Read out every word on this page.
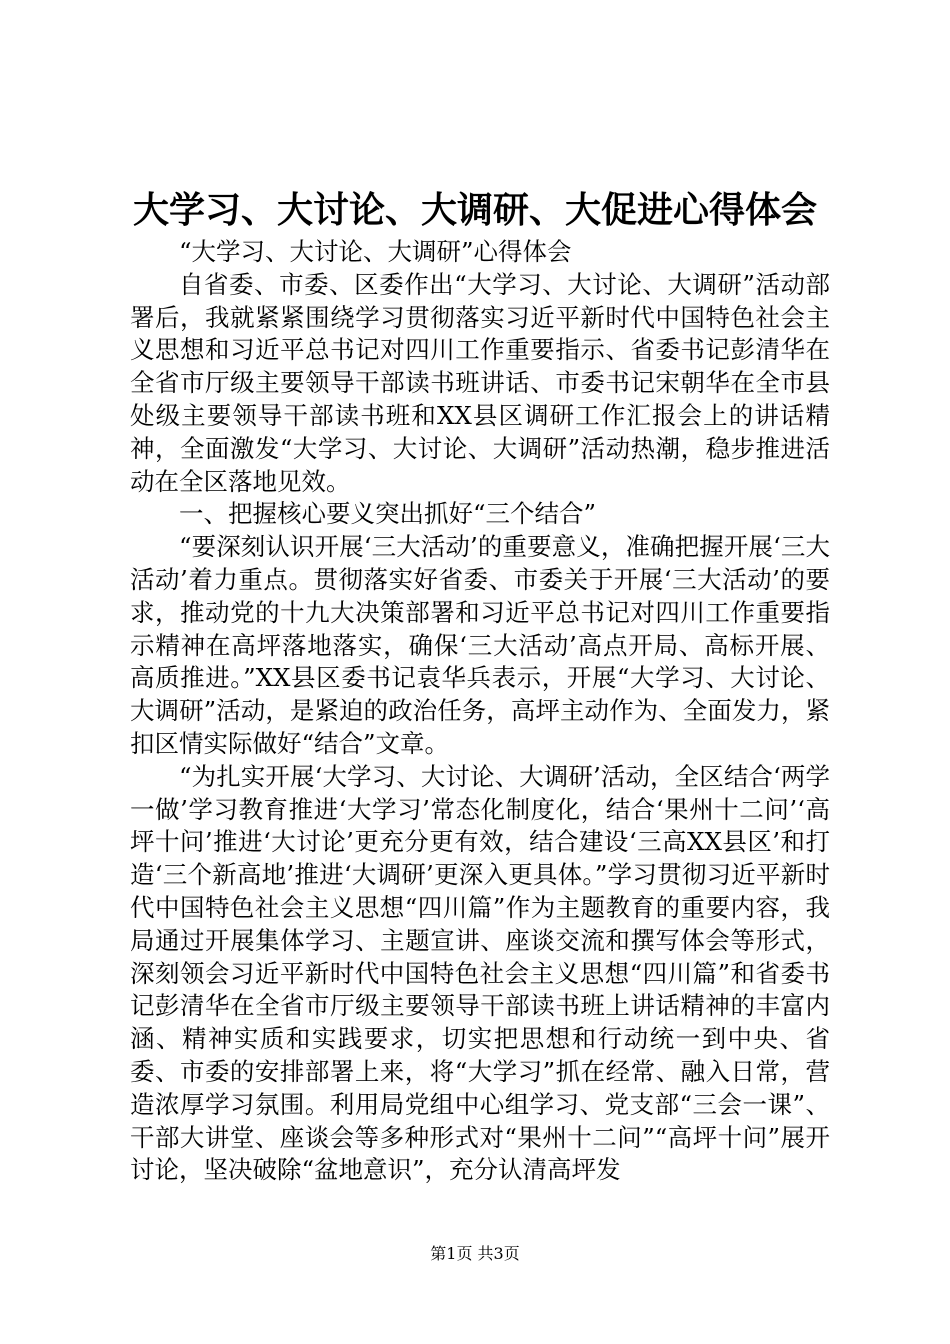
大学习、大讨论、大调研、大促进心得体会

“大学习、大讨论、大调研”心得体会

自省委、市委、区委作出“大学习、大讨论、大调研”活动部署后，我就紧紧围绕学习贯彻落实习近平新时代中国特色社会主义思想和习近平总书记对四川工作重要指示、省委书记彭清华在全省市厅级主要领导干部读书班讲话、市委书记宋朝华在全市县处级主要领导干部读书班和XX县区调研工作汇报会上的讲话精神，全面激发“大学习、大讨论、大调研”活动热潮，稳步推进活动在全区落地见效。

一、把握核心要义突出抓好“三个结合”

“要深刻认识开展‘三大活动’的重要意义，准确把握开展‘三大活动’着力重点。贯彻落实好省委、市委关于开展‘三大活动’的要求，推动党的十九大决策部署和习近平总书记对四川工作重要指示精神在高坪落地落实，确保‘三大活动’高点开局、高标开展、高质推进。”XX县区委书记袁华兵表示，开展“大学习、大讨论、大调研”活动，是紧迫的政治任务，高坪主动作为、全面发力，紧扣区情实际做好“结合”文章。

“为扎实开展‘大学习、大讨论、大调研’活动，全区结合‘两学一做’学习教育推进‘大学习’常态化制度化，结合‘果州十二问’‘高坪十问’推进‘大讨论’更充分更有效，结合建设‘三高XX县区’和打造‘三个新高地’推进‘大调研’更深入更具体。”学习贯彻习近平新时代中国特色社会主义思想“四川篇”作为主题教育的重要内容，我局通过开展集体学习、主题宣讲、座谈交流和撰写体会等形式，深刻领会习近平新时代中国特色社会主义思想“四川篇”和省委书记彭清华在全省市厅级主要领导干部读书班上讲话精神的丰富内涵、精神实质和实践要求，切实把思想和行动统一到中央、省委、市委的安排部署上来，将“大学习”抓在经常、融入日常，营造浓厚学习氛围。利用局党组中心组学习、党支部“三会一课”、干部大讲堂、座谈会等多种形式对“果州十二问”“高坪十问”展开讨论，坚决破除“盆地意识”，充分认清高坪发

第1页 共3页
